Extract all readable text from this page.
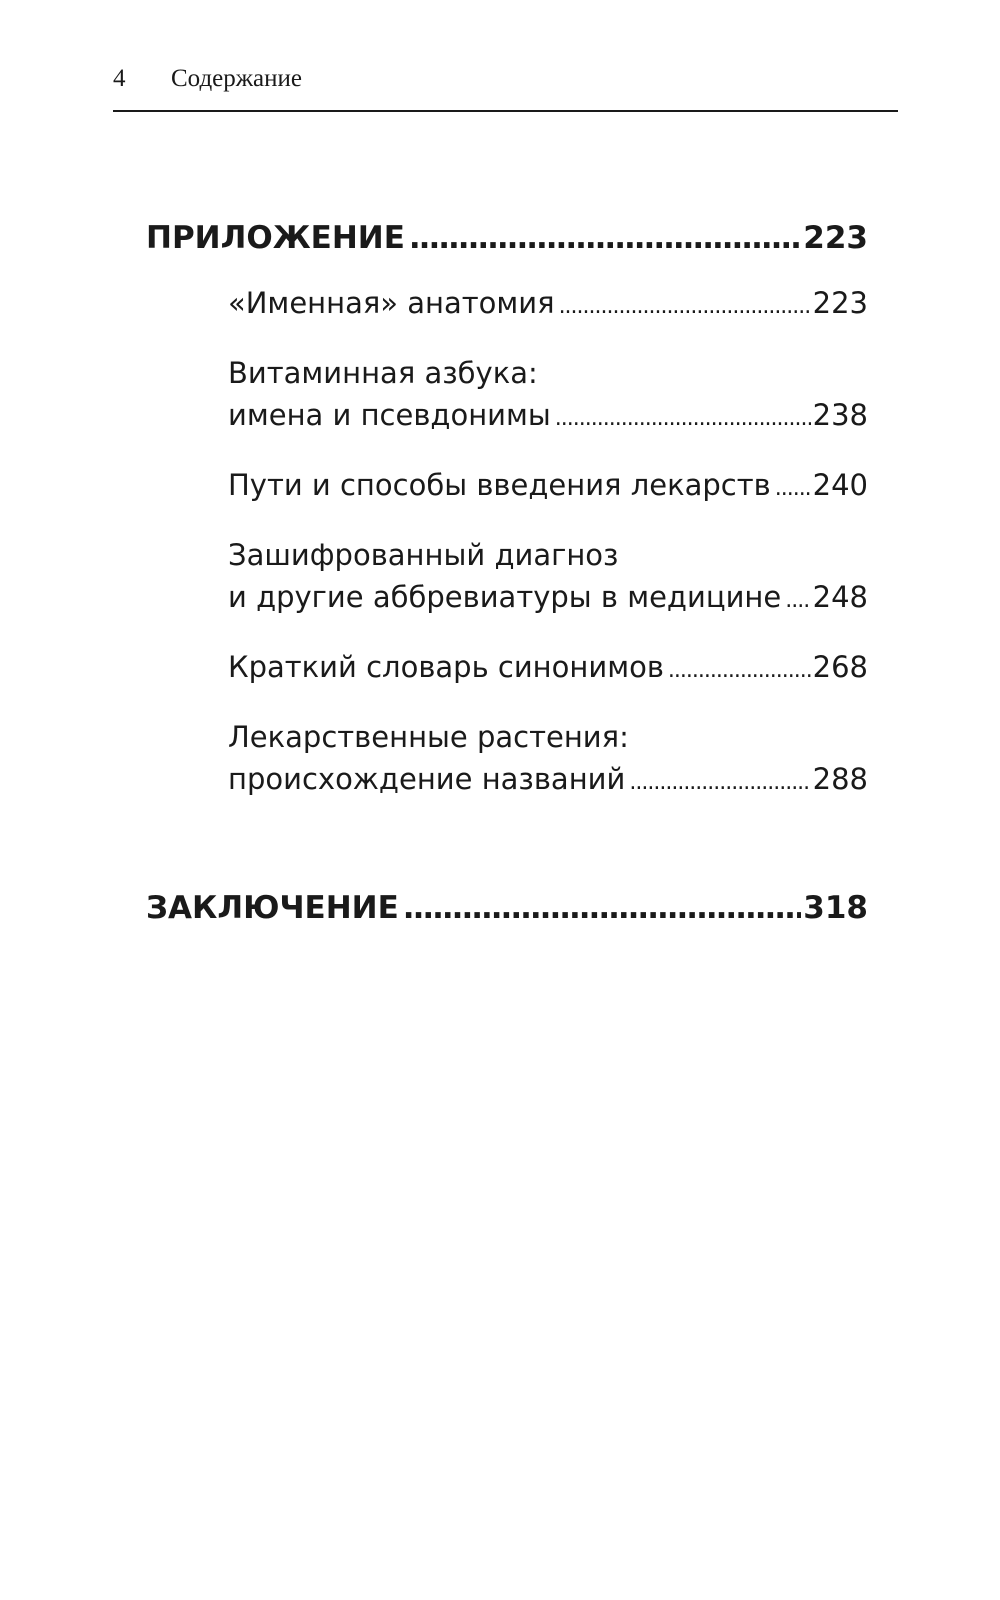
4 Содержание
ПРИЛОЖЕНИЕ .....	223
«Именная» анатомия .....	223
Витаминная азбука:
имена и псевдонимы .....	238
Пути и способы введения лекарств ..... 240
Зашифрованный диагноз
и другие аббревиатуры в медицине ..... 248
Краткий словарь синонимов .....	268
Лекарственные растения:
происхождение названий .....	288
ЗАКЛЮЧЕНИЕ .....	318
